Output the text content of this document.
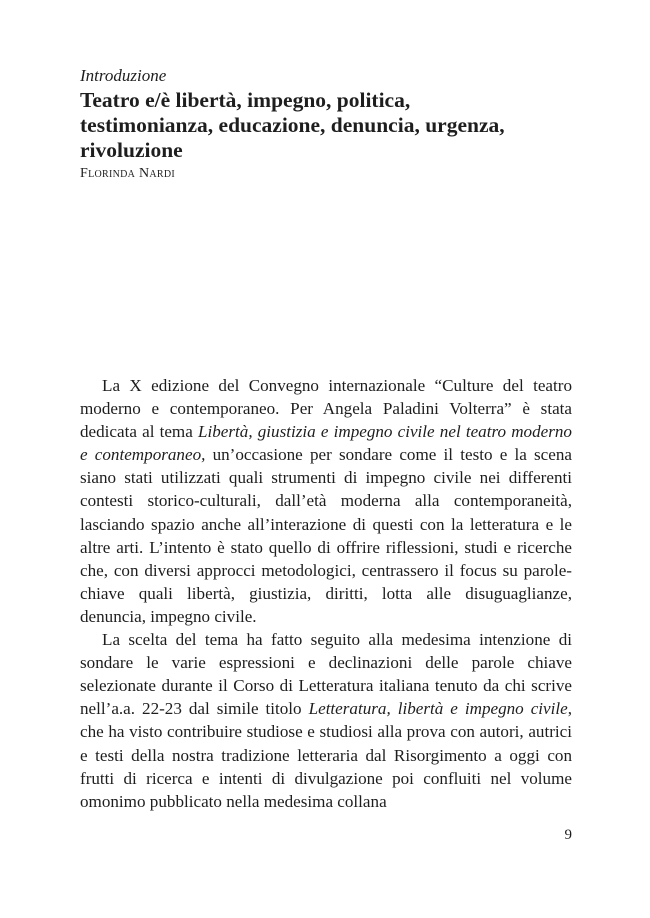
Introduzione

Teatro e/è libertà, impegno, politica,
testimonianza, educazione, denuncia, urgenza,
rivoluzione
Florinda Nardi

La X edizione del Convegno internazionale “Culture del teatro moderno e contemporaneo. Per Angela Paladini Volterra” è stata dedicata al tema Libertà, giustizia e impegno civile nel teatro moderno e contemporaneo, un’occasione per sondare come il testo e la scena siano stati utilizzati quali strumenti di impegno civile nei differenti contesti storico-culturali, dall’età moderna alla contemporaneità, lasciando spazio anche all’interazione di questi con la letteratura e le altre arti. L’intento è stato quello di offrire riflessioni, studi e ricerche che, con diversi approcci metodologici, centrassero il focus su parole-chiave quali libertà, giustizia, diritti, lotta alle disuguaglianze, denuncia, impegno civile.

La scelta del tema ha fatto seguito alla medesima intenzione di sondare le varie espressioni e declinazioni delle parole chiave selezionate durante il Corso di Letteratura italiana tenuto da chi scrive nell’a.a. 22-23 dal simile titolo Letteratura, libertà e impegno civile, che ha visto contribuire studiose e studiosi alla prova con autori, autrici e testi della nostra tradizione letteraria dal Risorgimento a oggi con frutti di ricerca e intenti di divulgazione poi confluiti nel volume omonimo pubblicato nella medesima collana

9
